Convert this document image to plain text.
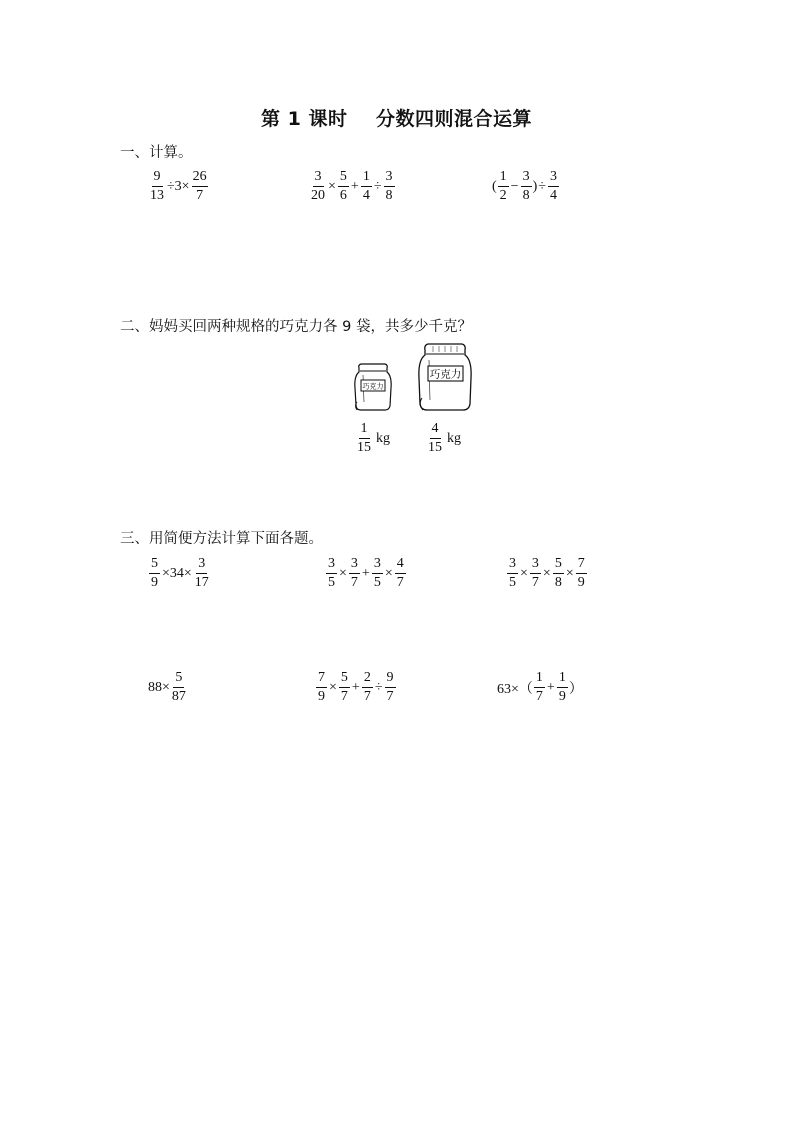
第 1 课时    分数四则混合运算
一、计算。
$\frac{9}{13} \div 3\times \frac{26}{7}$	$\frac{3}{20} \times \frac{5}{6} + \frac{1}{4} \div \frac{3}{8}$	( $\frac{1}{2} - \frac{3}{8}$ ) ÷ $\frac{3}{4}$
二、妈妈买回两种规格的巧克力各 9 袋，共多少千克？
巧克力
巧克力
$\frac{1}{15}$ kg	$\frac{4}{15}$ kg
三、用简便方法计算下面各题。
$\frac{5}{9} \times 34\times \frac{3}{17}$	$\frac{3}{5} \times \frac{3}{7} + \frac{3}{5} \times \frac{4}{7}$	$\frac{3}{5} \times \frac{3}{7} \times \frac{5}{8} \times \frac{7}{9}$
$88\times \frac{5}{87}$	$\frac{7}{9} \times \frac{5}{7} + \frac{2}{7} \div \frac{9}{7}$	$63\times( \frac{1}{7} + \frac{1}{9}$ ）
